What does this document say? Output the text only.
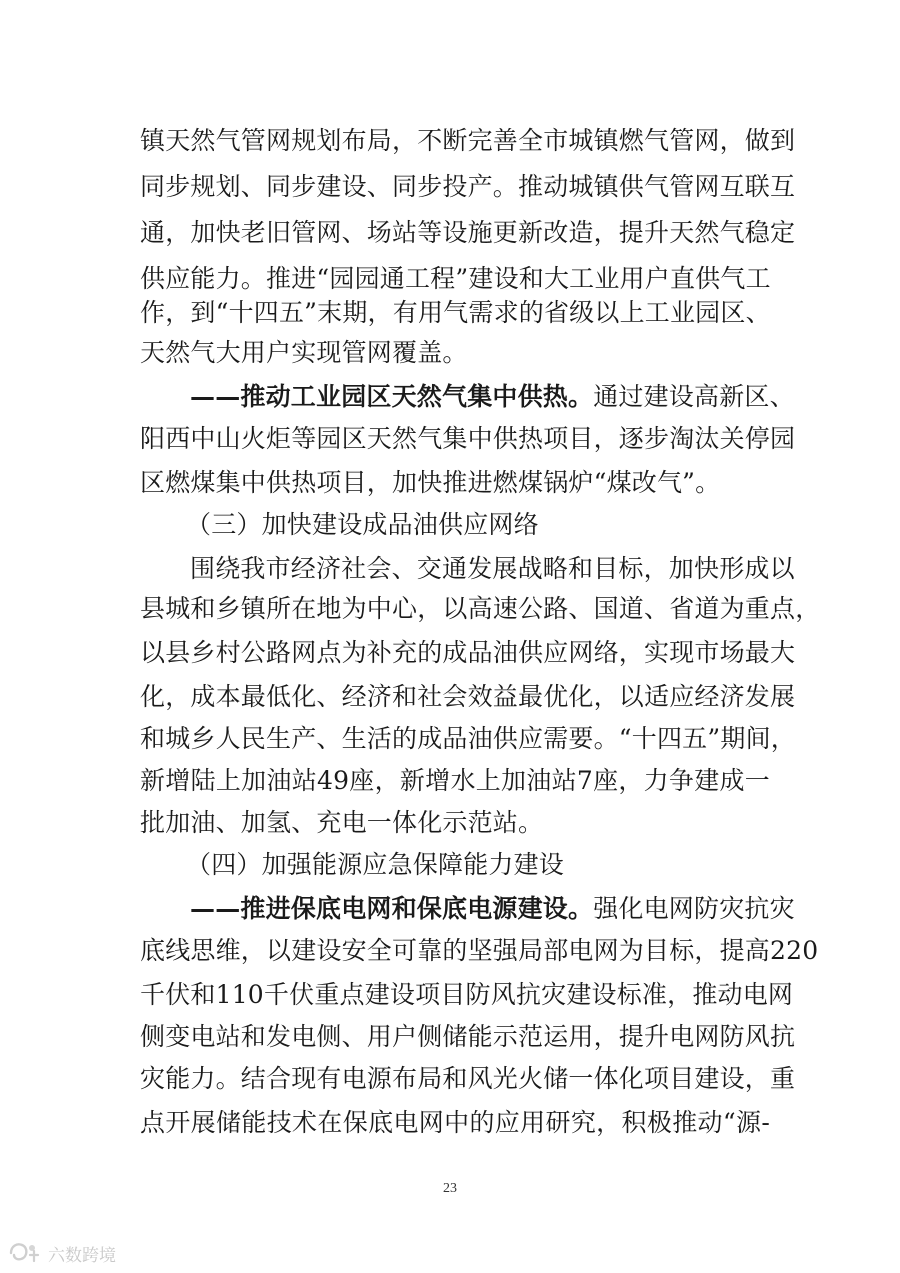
镇天然气管网规划布局，不断完善全市城镇燃气管网，做到
同步规划、同步建设、同步投产。推动城镇供气管网互联互
通，加快老旧管网、场站等设施更新改造，提升天然气稳定
供应能力。推进“园园通工程”建设和大工业用户直供气工
作，到“十四五”末期，有用气需求的省级以上工业园区、
天然气大用户实现管网覆盖。
——推动工业园区天然气集中供热。通过建设高新区、
阳西中山火炬等园区天然气集中供热项目，逐步淘汰关停园
区燃煤集中供热项目，加快推进燃煤锅炉“煤改气”。
（三）加快建设成品油供应网络
围绕我市经济社会、交通发展战略和目标，加快形成以
县城和乡镇所在地为中心，以高速公路、国道、省道为重点，
以县乡村公路网点为补充的成品油供应网络，实现市场最大
化，成本最低化、经济和社会效益最优化，以适应经济发展
和城乡人民生产、生活的成品油供应需要。“十四五”期间，
新增陆上加油站49座，新增水上加油站7座，力争建成一
批加油、加氢、充电一体化示范站。
（四）加强能源应急保障能力建设
——推进保底电网和保底电源建设。强化电网防灾抗灾
底线思维，以建设安全可靠的坚强局部电网为目标，提高220
千伏和110千伏重点建设项目防风抗灾建设标准，推动电网
侧变电站和发电侧、用户侧储能示范运用，提升电网防风抗
灾能力。结合现有电源布局和风光火储一体化项目建设，重
点开展储能技术在保底电网中的应用研究，积极推动“源-
23
六数跨境
